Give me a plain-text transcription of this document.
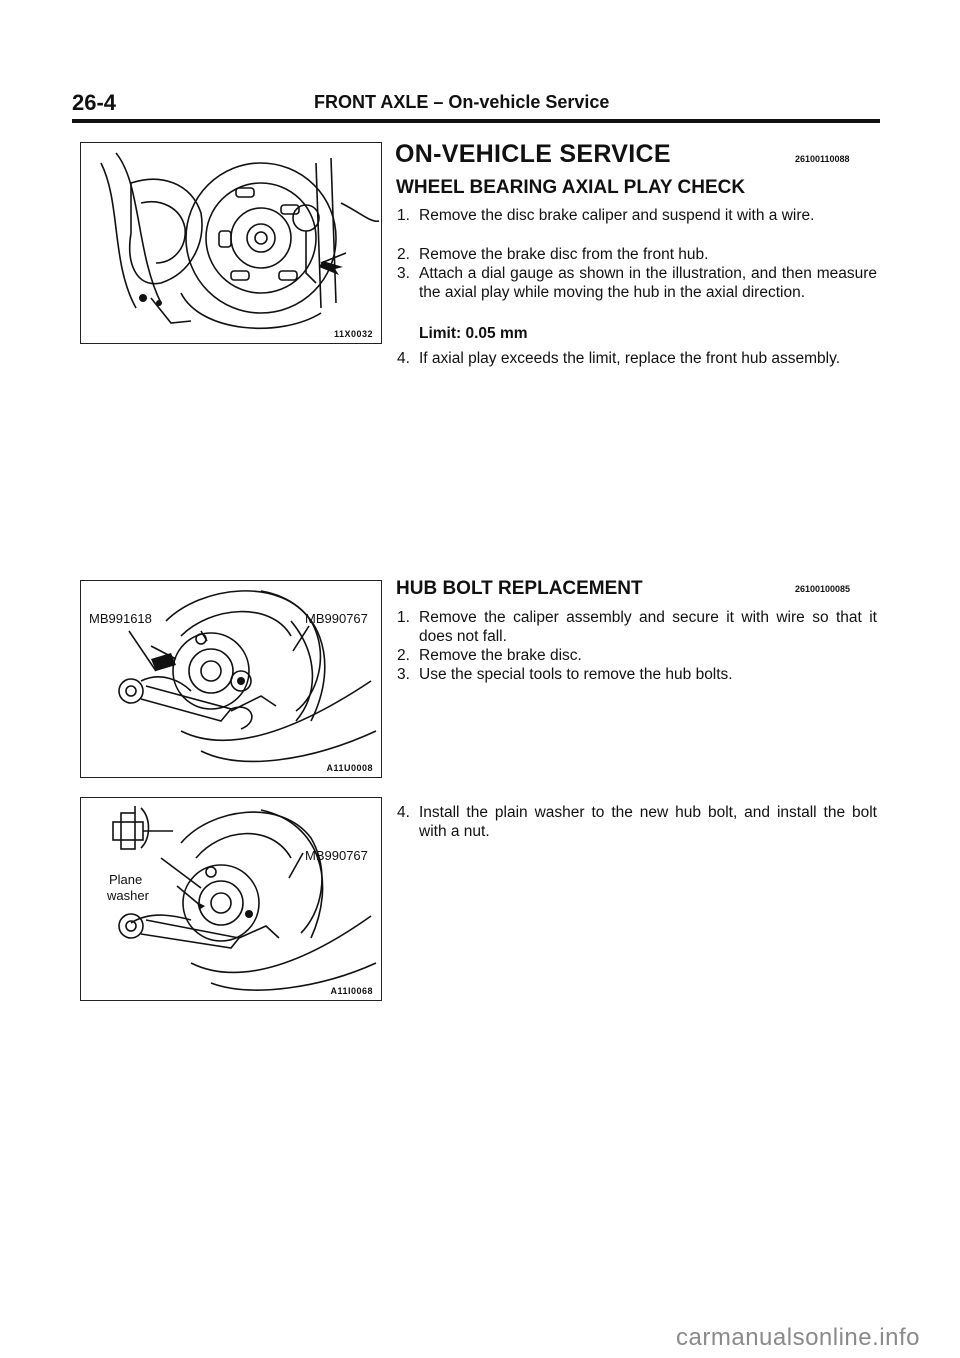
26-4	FRONT AXLE – On-vehicle Service
11X0032
MB991618	MB990767
A11U0008
MB990767
Plane
washer
A11I0068
ON-VEHICLE SERVICE	26100110088
WHEEL BEARING AXIAL PLAY CHECK
1. Remove the disc brake caliper and suspend it with a wire.
2. Remove the brake disc from the front hub.
3. Attach a dial gauge as shown in the illustration, and then measure the axial play while moving the hub in the axial direction.
Limit: 0.05 mm
4. If axial play exceeds the limit, replace the front hub assembly.
HUB BOLT REPLACEMENT	26100100085
1. Remove the caliper assembly and secure it with wire so that it does not fall.
2. Remove the brake disc.
3. Use the special tools to remove the hub bolts.
4. Install the plain washer to the new hub bolt, and install the bolt with a nut.
carmanualsonline.info
